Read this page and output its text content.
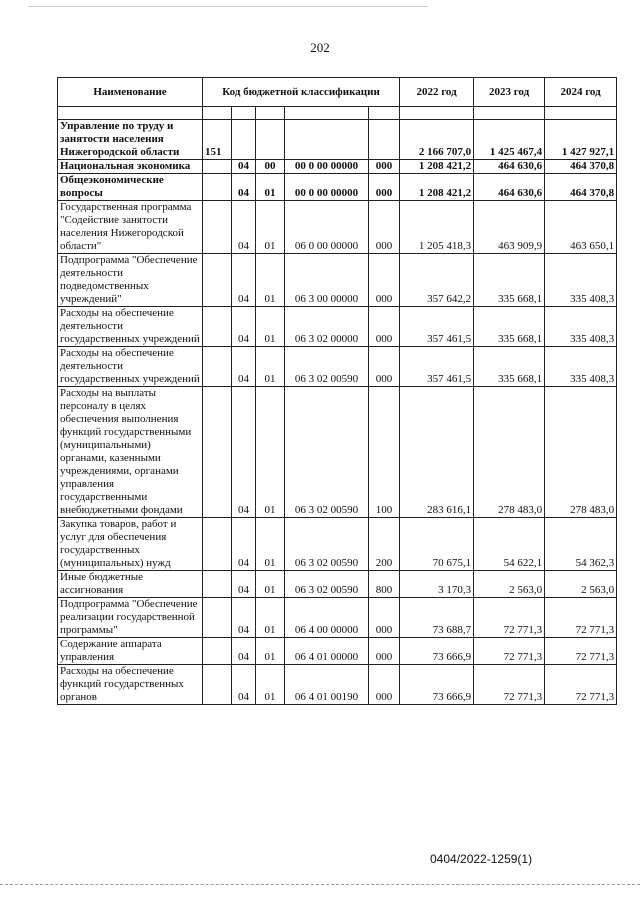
202
Наименование	Код бюджетной классификации					2022 год	2023 год	2024 год

Управление по труду и занятости населения Нижегородской области	151					2 166 707,0	1 425 467,4	1 427 927,1
Национальная экономика		04	00	00 0 00 00000	000	1 208 421,2	464 630,6	464 370,8
Общеэкономические вопросы		04	01	00 0 00 00000	000	1 208 421,2	464 630,6	464 370,8
Государственная программа "Содействие занятости населения Нижегородской области"		04	01	06 0 00 00000	000	1 205 418,3	463 909,9	463 650,1
Подпрограмма "Обеспечение деятельности подведомственных учреждений"		04	01	06 3 00 00000	000	357 642,2	335 668,1	335 408,3
Расходы на обеспечение деятельности государственных учреждений		04	01	06 3 02 00000	000	357 461,5	335 668,1	335 408,3
Расходы на обеспечение деятельности государственных учреждений		04	01	06 3 02 00590	000	357 461,5	335 668,1	335 408,3
Расходы на выплаты персоналу в целях обеспечения выполнения функций государственными (муниципальными) органами, казенными учреждениями, органами управления государственными внебюджетными фондами		04	01	06 3 02 00590	100	283 616,1	278 483,0	278 483,0
Закупка товаров, работ и услуг для обеспечения государственных (муниципальных) нужд		04	01	06 3 02 00590	200	70 675,1	54 622,1	54 362,3
Иные бюджетные ассигнования		04	01	06 3 02 00590	800	3 170,3	2 563,0	2 563,0
Подпрограмма "Обеспечение реализации государственной программы"		04	01	06 4 00 00000	000	73 688,7	72 771,3	72 771,3
Содержание аппарата управления		04	01	06 4 01 00000	000	73 666,9	72 771,3	72 771,3
Расходы на обеспечение функций государственных органов		04	01	06 4 01 00190	000	73 666,9	72 771,3	72 771,3
0404/2022-1259(1)
